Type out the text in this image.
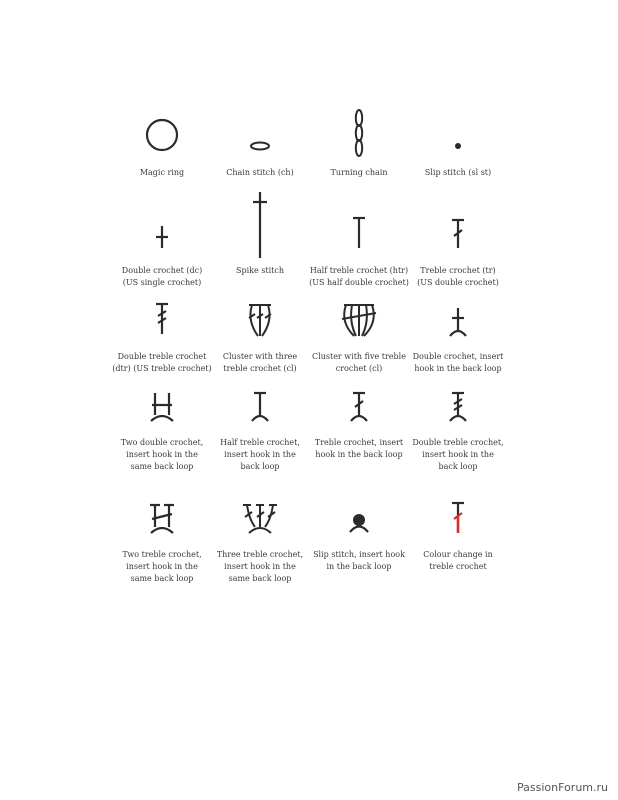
Magic ring	Chain stitch (ch)	Turning chain	Slip stitch (sl st)
Double crochet (dc)
(US single crochet)
Spike stitch	Half treble crochet (htr)
(US half double crochet)
Treble crochet (tr)
(US double crochet)
Double treble crochet
(dtr) (US treble crochet)
Cluster with three
treble crochet (cl)
Cluster with five treble
crochet (cl)
Double crochet, insert
hook in the back loop
Two double crochet,
insert hook in the
same back loop
Half treble crochet,
insert hook in the
back loop
Treble crochet, insert
hook in the back loop
Double treble crochet,
insert hook in the
back loop
Two treble crochet,
insert hook in the
same back loop
Three treble crochet,
insert hook in the
same back loop
Slip stitch, insert hook
in the back loop
Colour change in
treble crochet
PassionForum.ru
